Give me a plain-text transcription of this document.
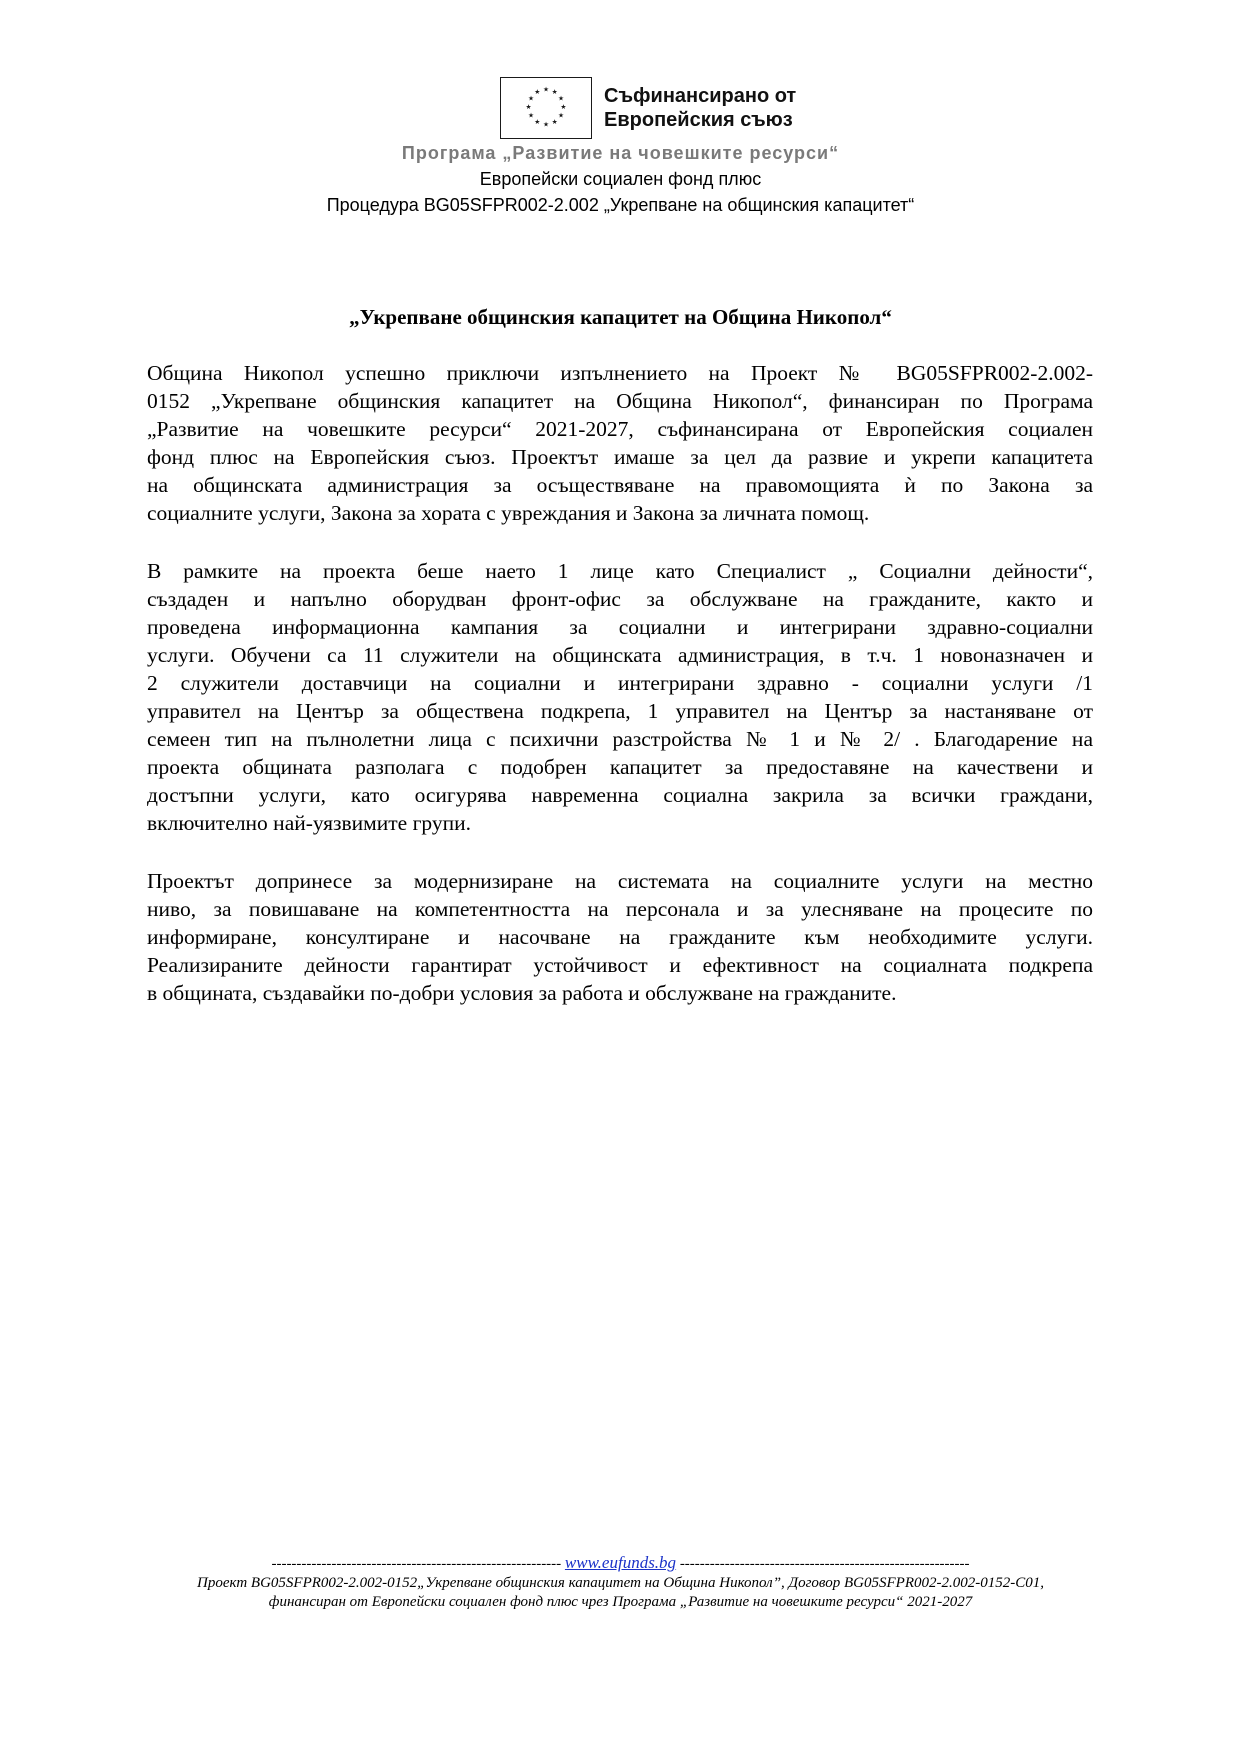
★ ★
★
★
★
★
★
★
★
★
★
★	Съфинансирано от
Европейския съюз
Програма „Развитие на човешките ресурси“
Европейски социален фонд плюс
Процедура BG05SFPR002-2.002 „Укрепване на общинския капацитет“
„Укрепване общинския капацитет на Община Никопол“
Община Никопол успешно приключи изпълнението на Проект № BG05SFPR002-2.002-
0152 „Укрепване общинския капацитет на Община Никопол“, финансиран по Програма
„Развитие на човешките ресурси“ 2021-2027, съфинансирана от Европейския социален
фонд плюс на Европейския съюз. Проектът имаше за цел да развие и укрепи капацитета
на общинската администрация за осъществяване на правомощията ѝ по Закона за
социалните услуги, Закона за хората с увреждания и Закона за личната помощ.
В рамките на проекта беше наето 1 лице като Специалист „ Социални дейности“,
създаден и напълно оборудван фронт-офис за обслужване на гражданите, както и
проведена информационна кампания за социални и интегрирани здравно-социални
услуги. Обучени са 11 служители на общинската администрация, в т.ч. 1 новоназначен и
2 служители доставчици на социални и интегрирани здравно - социални услуги /1
управител на Център за обществена подкрепа, 1 управител на Център за настаняване от
семеен тип на пълнолетни лица с психични разстройства № 1 и № 2/ . Благодарение на
проекта общината разполага с подобрен капацитет за предоставяне на качествени и
достъпни услуги, като осигурява навременна социална закрила за всички граждани,
включително най-уязвимите групи.
Проектът допринесе за модернизиране на системата на социалните услуги на местно
ниво, за повишаване на компетентността на персонала и за улесняване на процесите по
информиране, консултиране и насочване на гражданите към необходимите услуги.
Реализираните дейности гарантират устойчивост и ефективност на социалната подкрепа
в общината, създавайки по-добри условия за работа и обслужване на гражданите.
---------------------------------------------------------- www.eufunds.bg ----------------------------------------------------------
Проект BG05SFPR002-2.002-0152„Укрепване общинския капацитет на Община Никопол”, Договор BG05SFPR002-2.002-0152-C01,
финансиран от Европейски социален фонд плюс чрез Програма „Развитие на човешките ресурси“ 2021-2027
